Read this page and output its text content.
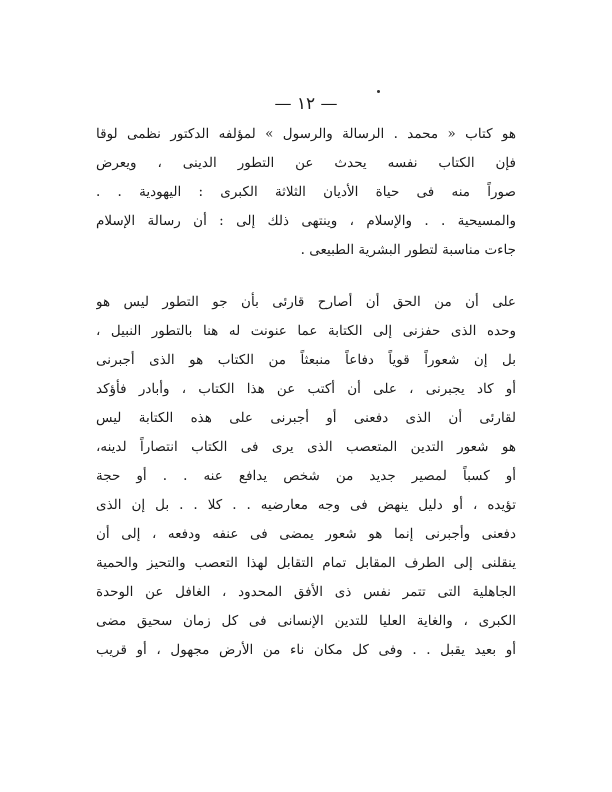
— ١٢ —
هو كتاب « محمد . الرسالة والرسول » لمؤلفه الدكتور نظمى لوقا
فإن الكتاب نفسه يحدث عن التطور الدينى ، ويعرض
صوراً منه فى حياة الأديان الثلاثة الكبرى : اليهودية . .
والمسيحية . . والإسلام ، وينتهى ذلك إلى : أن رسالة الإسلام
جاءت مناسبة لتطور البشرية الطبيعى .
على أن من الحق أن أصارح قارئى بأن جو التطور ليس هو
وحده الذى حفزنى إلى الكتابة عما عنونت له هنا بالتطور النبيل ،
بل إن شعوراً قوياً دفاعاً منبعثاً من الكتاب هو الذى أجبرنى
أو كاد يجبرنى ، على أن أكتب عن هذا الكتاب ، وأبادر فأؤكد
لقارئى أن الذى دفعنى أو أجبرنى على هذه الكتابة ليس
هو شعور التدين المتعصب الذى يرى فى الكتاب انتصاراً لدينه،
أو كسباً لمصير جديد من شخص يدافع عنه . . أو حجة
تؤيده ، أو دليل ينهض فى وجه معارضيه . . كلا . . بل إن الذى
دفعنى وأجبرنى إنما هو شعور يمضى فى عنفه ودفعه ، إلى أن
ينقلنى إلى الطرف المقابل تمام التقابل لهذا التعصب والتحيز والحمية
الجاهلية التى تتمر نفس ذى الأفق المحدود ، الغافل عن الوحدة
الكبرى ، والغاية العليا للتدين الإنسانى فى كل زمان سحيق مضى
أو بعيد يقبل . . وفى كل مكان ناء من الأرض مجهول ، أو قريب
